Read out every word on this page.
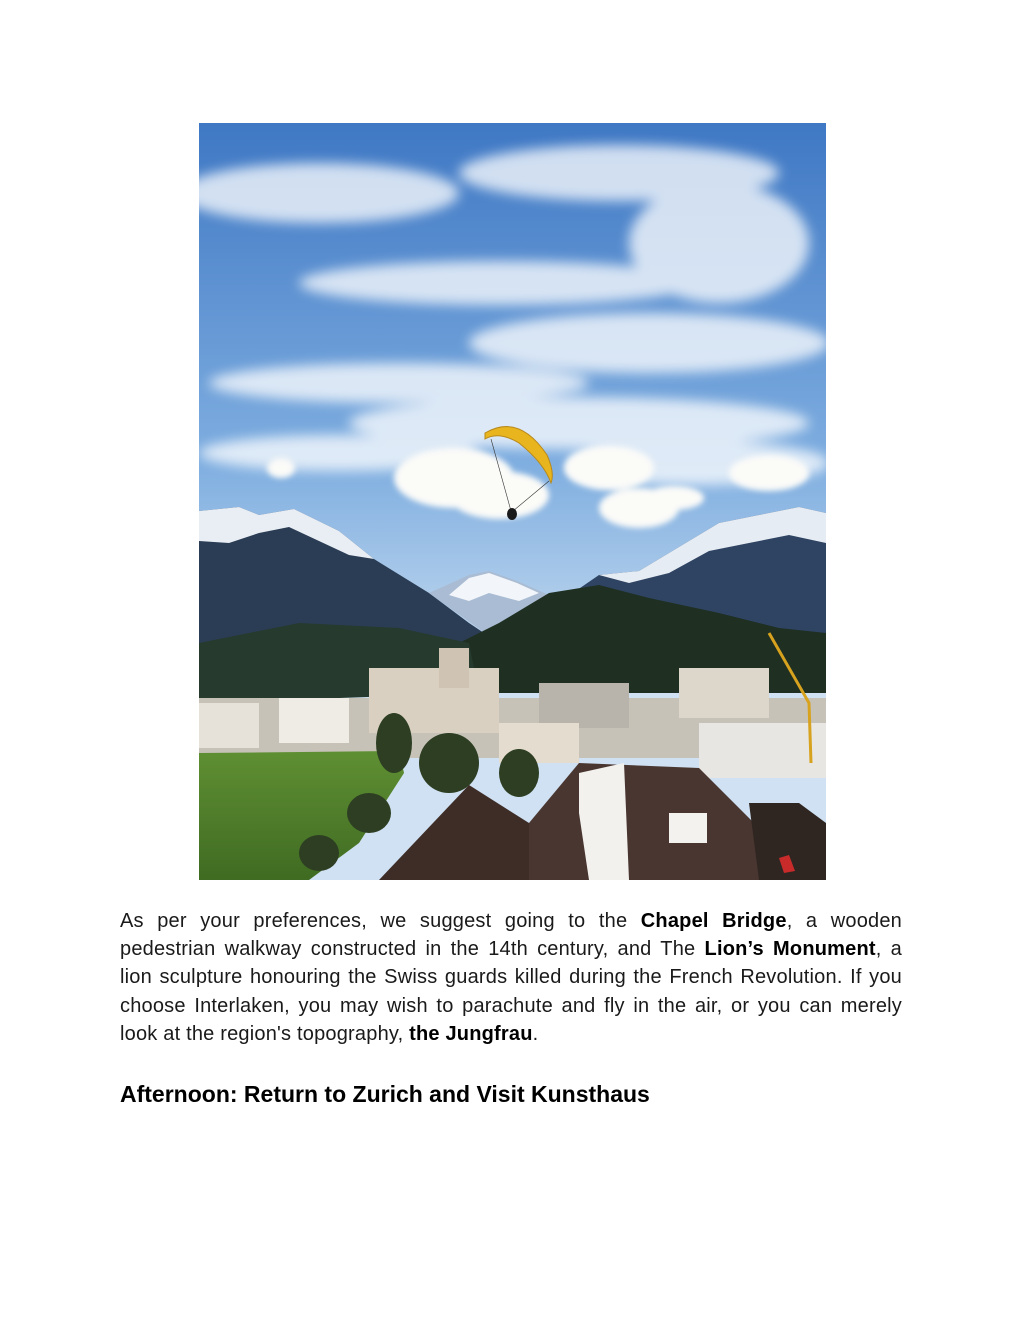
As per your preferences, we suggest going to the Chapel Bridge, a wooden pedestrian walkway constructed in the 14th century, and The Lion’s Monument, a lion sculpture honouring the Swiss guards killed during the French Revolution. If you choose Interlaken, you may wish to parachute and fly in the air, or you can merely look at the region's topography, the Jungfrau.

Afternoon: Return to Zurich and Visit Kunsthaus
